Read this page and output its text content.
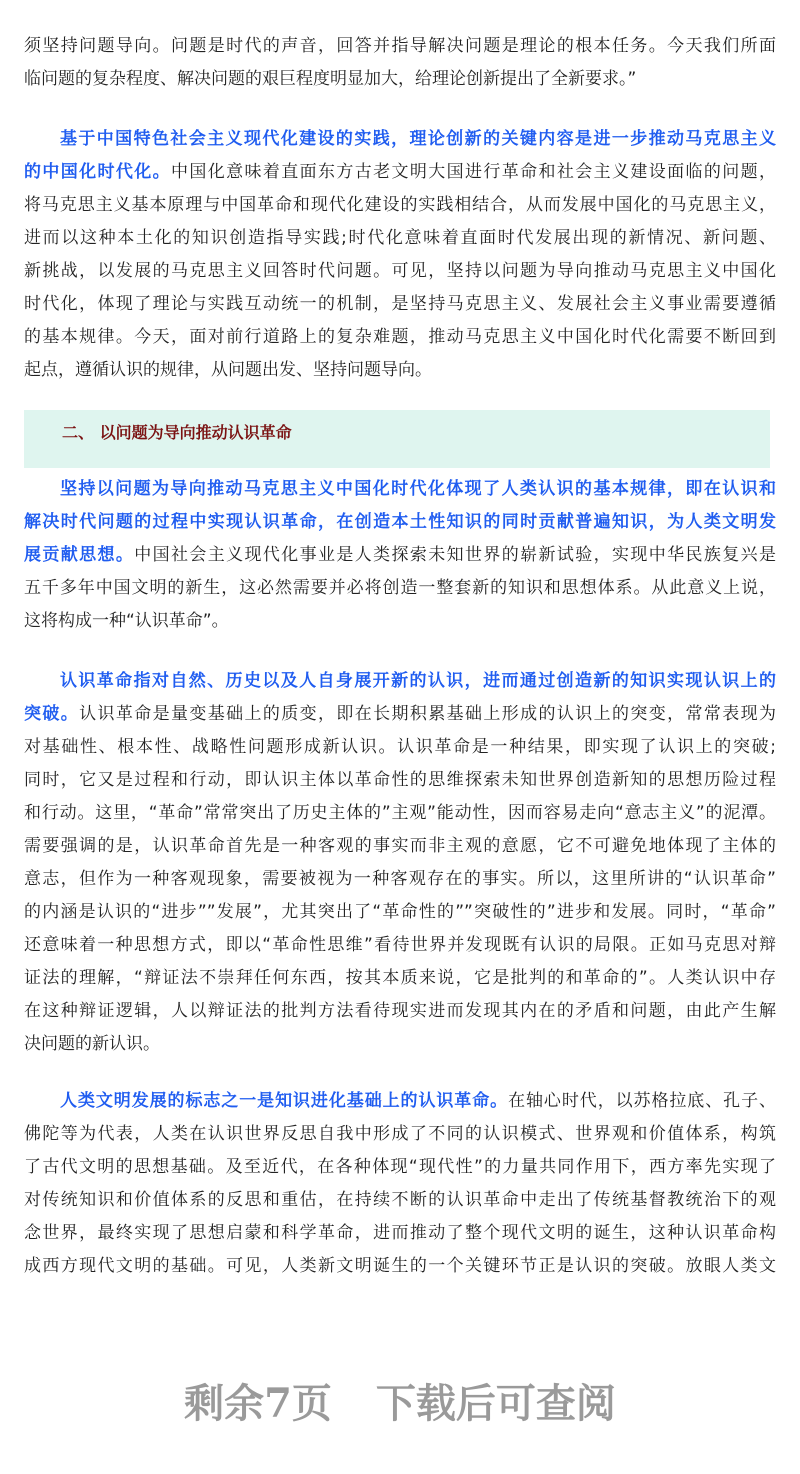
须坚持问题导向。问题是时代的声音，回答并指导解决问题是理论的根本任务。今天我们所面
临问题的复杂程度、解决问题的艰巨程度明显加大，给理论创新提出了全新要求。”
基于中国特色社会主义现代化建设的实践，理论创新的关键内容是进一步推动马克思主义
的中国化时代化。中国化意味着直面东方古老文明大国进行革命和社会主义建设面临的问题，
将马克思主义基本原理与中国革命和现代化建设的实践相结合，从而发展中国化的马克思主义，
进而以这种本土化的知识创造指导实践;时代化意味着直面时代发展出现的新情况、新问题、
新挑战，以发展的马克思主义回答时代问题。可见，坚持以问题为导向推动马克思主义中国化
时代化，体现了理论与实践互动统一的机制，是坚持马克思主义、发展社会主义事业需要遵循
的基本规律。今天，面对前行道路上的复杂难题，推动马克思主义中国化时代化需要不断回到
起点，遵循认识的规律，从问题出发、坚持问题导向。
二、 以问题为导向推动认识革命
坚持以问题为导向推动马克思主义中国化时代化体现了人类认识的基本规律，即在认识和
解决时代问题的过程中实现认识革命，在创造本土性知识的同时贡献普遍知识，为人类文明发
展贡献思想。中国社会主义现代化事业是人类探索未知世界的崭新试验，实现中华民族复兴是
五千多年中国文明的新生，这必然需要并必将创造一整套新的知识和思想体系。从此意义上说，
这将构成一种“认识革命”。
认识革命指对自然、历史以及人自身展开新的认识，进而通过创造新的知识实现认识上的
突破。认识革命是量变基础上的质变，即在长期积累基础上形成的认识上的突变，常常表现为
对基础性、根本性、战略性问题形成新认识。认识革命是一种结果，即实现了认识上的突破;
同时，它又是过程和行动，即认识主体以革命性的思维探索未知世界创造新知的思想历险过程
和行动。这里，“革命”常常突出了历史主体的”主观”能动性，因而容易走向“意志主义”的泥潭。
需要强调的是，认识革命首先是一种客观的事实而非主观的意愿，它不可避免地体现了主体的
意志，但作为一种客观现象，需要被视为一种客观存在的事实。所以，这里所讲的“认识革命”
的内涵是认识的“进步””发展”，尤其突出了“革命性的””突破性的”进步和发展。同时，“革命”
还意味着一种思想方式，即以“革命性思维”看待世界并发现既有认识的局限。正如马克思对辩
证法的理解，“辩证法不崇拜任何东西，按其本质来说，它是批判的和革命的”。人类认识中存
在这种辩证逻辑，人以辩证法的批判方法看待现实进而发现其内在的矛盾和问题，由此产生解
决问题的新认识。
人类文明发展的标志之一是知识进化基础上的认识革命。在轴心时代，以苏格拉底、孔子、
佛陀等为代表，人类在认识世界反思自我中形成了不同的认识模式、世界观和价值体系，构筑
了古代文明的思想基础。及至近代，在各种体现“现代性”的力量共同作用下，西方率先实现了
对传统知识和价值体系的反思和重估，在持续不断的认识革命中走出了传统基督教统治下的观
念世界，最终实现了思想启蒙和科学革命，进而推动了整个现代文明的诞生，这种认识革命构
成西方现代文明的基础。可见，人类新文明诞生的一个关键环节正是认识的突破。放眼人类文
剩余7页 下载后可查阅
